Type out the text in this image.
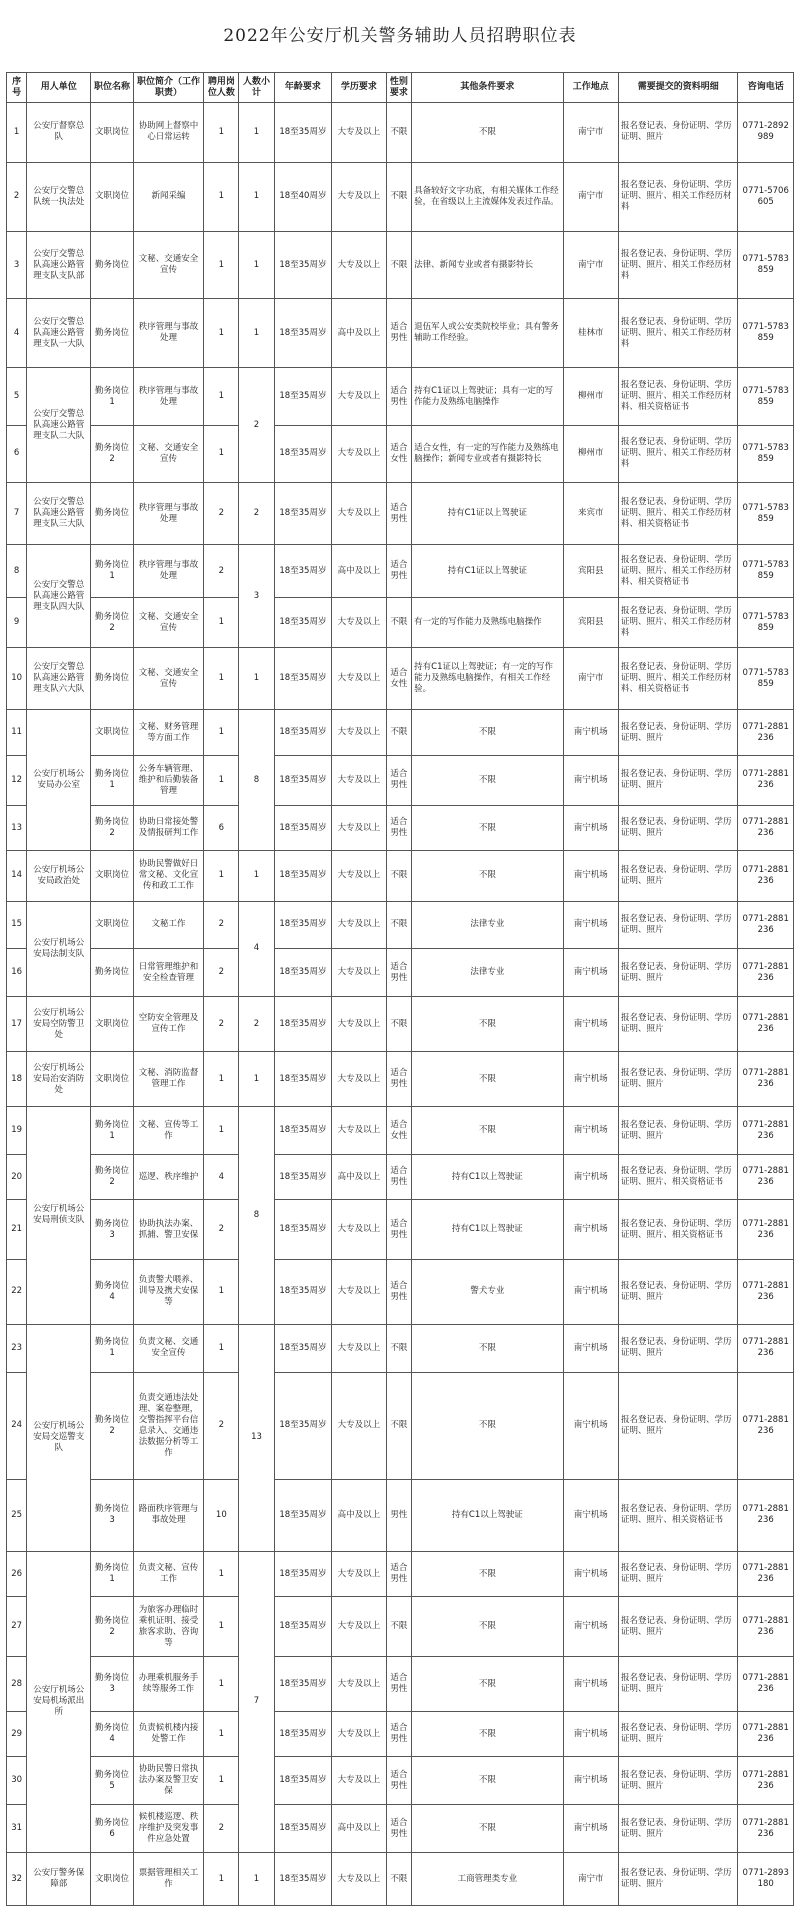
2022年公安厅机关警务辅助人员招聘职位表
序号	用人单位	职位名称	职位简介（工作职责）	聘用岗位人数	人数小计	年龄要求	学历要求	性别要求	其他条件要求	工作地点	需要提交的资料明细	咨询电话
1	公安厅督察总队	文职岗位	协助网上督察中心日常运转	1	1	18至35周岁	大专及以上	不限	不限	南宁市	报名登记表、身份证明、学历证明、照片	0771-2892989
2	公安厅交警总队统一执法处	文职岗位	新闻采编	1	1	18至40周岁	大专及以上	不限	具备较好文字功底，有相关媒体工作经验，在省级以上主流媒体发表过作品。	南宁市	报名登记表、身份证明、学历证明、照片、相关工作经历材料	0771-5706605
3	公安厅交警总队高速公路管理支队支队部	勤务岗位	文秘、交通安全宣传	1	1	18至35周岁	大专及以上	不限	法律、新闻专业或者有摄影特长	南宁市	报名登记表、身份证明、学历证明、照片、相关工作经历材料	0771-5783859
4	公安厅交警总队高速公路管理支队一大队	勤务岗位	秩序管理与事故处理	1	1	18至35周岁	高中及以上	适合男性	退伍军人或公安类院校毕业；具有警务辅助工作经验。	桂林市	报名登记表、身份证明、学历证明、照片、相关工作经历材料	0771-5783859
5	公安厅交警总队高速公路管理支队二大队	勤务岗位1	秩序管理与事故处理	1	2	18至35周岁	大专及以上	适合男性	持有C1证以上驾驶证；具有一定的写作能力及熟练电脑操作	柳州市	报名登记表、身份证明、学历证明、照片、相关工作经历材料、相关资格证书	0771-5783859
6		勤务岗位2	文秘、交通安全宣传	1		18至35周岁	大专及以上	适合女性	适合女性，有一定的写作能力及熟练电脑操作；新闻专业或者有摄影特长	柳州市	报名登记表、身份证明、学历证明、照片、相关工作经历材料	0771-5783859
7	公安厅交警总队高速公路管理支队三大队	勤务岗位	秩序管理与事故处理	2	2	18至35周岁	大专及以上	适合男性	持有C1证以上驾驶证	来宾市	报名登记表、身份证明、学历证明、照片、相关工作经历材料、相关资格证书	0771-5783859
8	公安厅交警总队高速公路管理支队四大队	勤务岗位1	秩序管理与事故处理	2	3	18至35周岁	高中及以上	适合男性	持有C1证以上驾驶证	宾阳县	报名登记表、身份证明、学历证明、照片、相关工作经历材料、相关资格证书	0771-5783859
9		勤务岗位2	文秘、交通安全宣传	1		18至35周岁	大专及以上	不限	有一定的写作能力及熟练电脑操作	宾阳县	报名登记表、身份证明、学历证明、照片、相关工作经历材料	0771-5783859
10	公安厅交警总队高速公路管理支队六大队	勤务岗位	文秘、交通安全宣传	1	1	18至35周岁	大专及以上	适合女性	持有C1证以上驾驶证；有一定的写作能力及熟练电脑操作，有相关工作经验。	南宁市	报名登记表、身份证明、学历证明、照片、相关工作经历材料、相关资格证书	0771-5783859
11	公安厅机场公安局办公室	文职岗位	文秘、财务管理等方面工作	1	8	18至35周岁	大专及以上	不限	不限	南宁机场	报名登记表、身份证明、学历证明、照片	0771-2881236
12		勤务岗位1	公务车辆管理、维护和后勤装备管理	1		18至35周岁	大专及以上	适合男性	不限	南宁机场	报名登记表、身份证明、学历证明、照片	0771-2881236
13		勤务岗位2	协助日常接处警及情报研判工作	6		18至35周岁	大专及以上	适合男性	不限	南宁机场	报名登记表、身份证明、学历证明、照片	0771-2881236
14	公安厅机场公安局政治处	文职岗位	协助民警做好日常文秘、文化宣传和政工工作	1	1	18至35周岁	大专及以上	不限	不限	南宁机场	报名登记表、身份证明、学历证明、照片	0771-2881236
15	公安厅机场公安局法制支队	文职岗位	文秘工作	2	4	18至35周岁	大专及以上	不限	法律专业	南宁机场	报名登记表、身份证明、学历证明、照片	0771-2881236
16		勤务岗位	日常管理维护和安全检查管理	2		18至35周岁	大专及以上	适合男性	法律专业	南宁机场	报名登记表、身份证明、学历证明、照片	0771-2881236
17	公安厅机场公安局空防警卫处	文职岗位	空防安全管理及宣传工作	2	2	18至35周岁	大专及以上	不限	不限	南宁机场	报名登记表、身份证明、学历证明、照片	0771-2881236
18	公安厅机场公安局治安消防处	文职岗位	文秘、消防监督管理工作	1	1	18至35周岁	大专及以上	适合男性	不限	南宁机场	报名登记表、身份证明、学历证明、照片	0771-2881236
19	公安厅机场公安局刑侦支队	勤务岗位1	文秘、宣传等工作	1	8	18至35周岁	大专及以上	适合女性	不限	南宁机场	报名登记表、身份证明、学历证明、照片	0771-2881236
20		勤务岗位2	巡逻、秩序维护	4		18至35周岁	高中及以上	适合男性	持有C1以上驾驶证	南宁机场	报名登记表、身份证明、学历证明、照片、相关资格证书	0771-2881236
21		勤务岗位3	协助执法办案、抓捕、警卫安保	2		18至35周岁	大专及以上	适合男性	持有C1以上驾驶证	南宁机场	报名登记表、身份证明、学历证明、照片、相关资格证书	0771-2881236
22		勤务岗位4	负责警犬喂养、训导及携犬安保等	1		18至35周岁	大专及以上	适合男性	警犬专业	南宁机场	报名登记表、身份证明、学历证明、照片	0771-2881236
23	公安厅机场公安局交巡警支队	勤务岗位1	负责文秘、交通安全宣传	1	13	18至35周岁	大专及以上	不限	不限	南宁机场	报名登记表、身份证明、学历证明、照片	0771-2881236
24		勤务岗位2	负责交通违法处理、案卷整理，交警指挥平台信息录入、交通违法数据分析等工作	2		18至35周岁	大专及以上	不限	不限	南宁机场	报名登记表、身份证明、学历证明、照片	0771-2881236
25		勤务岗位3	路面秩序管理与事故处理	10		18至35周岁	高中及以上	男性	持有C1以上驾驶证	南宁机场	报名登记表、身份证明、学历证明、照片、相关资格证书	0771-2881236
26	公安厅机场公安局机场派出所	勤务岗位1	负责文秘、宣传工作	1	7	18至35周岁	大专及以上	适合男性	不限	南宁机场	报名登记表、身份证明、学历证明、照片	0771-2881236
27		勤务岗位2	为旅客办理临时乘机证明、接受旅客求助、咨询等	1		18至35周岁	大专及以上	不限	不限	南宁机场	报名登记表、身份证明、学历证明、照片	0771-2881236
28		勤务岗位3	办理乘机服务手续等服务工作	1		18至35周岁	大专及以上	适合男性	不限	南宁机场	报名登记表、身份证明、学历证明、照片	0771-2881236
29		勤务岗位4	负责候机楼内接处警工作	1		18至35周岁	大专及以上	适合男性	不限	南宁机场	报名登记表、身份证明、学历证明、照片	0771-2881236
30		勤务岗位5	协助民警日常执法办案及警卫安保	1		18至35周岁	大专及以上	适合男性	不限	南宁机场	报名登记表、身份证明、学历证明、照片	0771-2881236
31		勤务岗位6	候机楼巡逻、秩序维护及突发事件应急处置	2		18至35周岁	高中及以上	适合男性	不限	南宁机场	报名登记表、身份证明、学历证明、照片	0771-2881236
32	公安厅警务保障部	文职岗位	票据管理相关工作	1	1	18至35周岁	大专及以上	不限	工商管理类专业	南宁市	报名登记表、身份证明、学历证明、照片	0771-2893180
